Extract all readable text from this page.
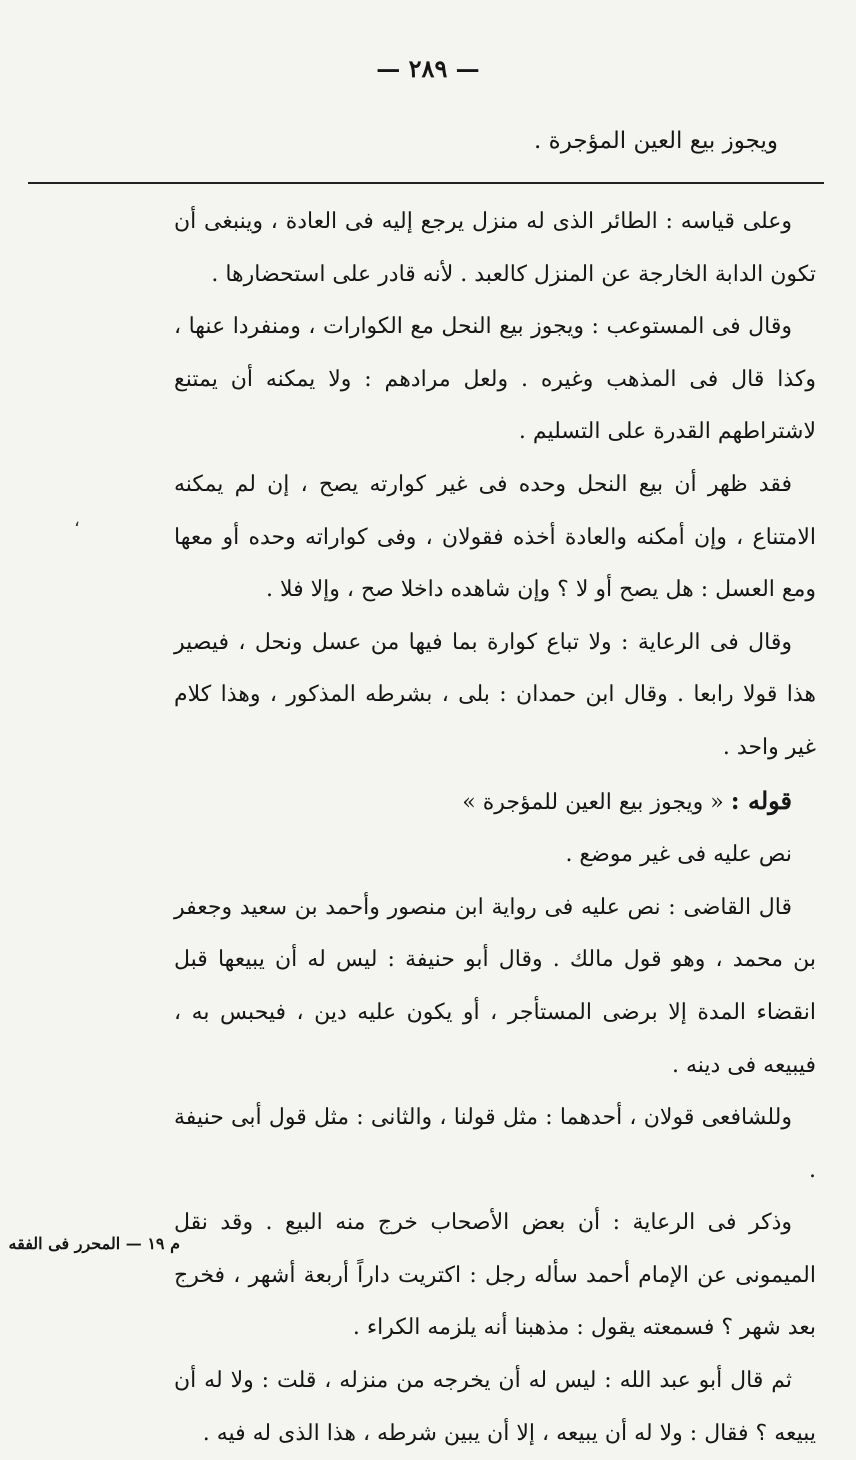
— ٢٨٩ —
ويجوز بيع العين المؤجرة .
،

وعلى قياسه : الطائر الذى له منزل يرجع إليه فى العادة ، وينبغى أن تكون الدابة الخارجة عن المنزل كالعبد . لأنه قادر على استحضارها .

وقال فى المستوعب : ويجوز بيع النحل مع الكوارات ، ومنفردا عنها ، وكذا قال فى المذهب وغيره . ولعل مرادهم : ولا يمكنه أن يمتنع لاشتراطهم القدرة على التسليم .

فقد ظهر أن بيع النحل وحده فى غير كوارته يصح ، إن لم يمكنه الامتناع ، وإن أمكنه والعادة أخذه فقولان ، وفى كواراته وحده أو معها ومع العسل : هل يصح أو لا ؟ وإن شاهده داخلا صح ، وإلا فلا .

وقال فى الرعاية : ولا تباع كوارة بما فيها من عسل ونحل ، فيصير هذا قولا رابعا . وقال ابن حمدان : بلى ، بشرطه المذكور ، وهذا كلام غير واحد .

قوله : « ويجوز بيع العين للمؤجرة »

نص عليه فى غير موضع .

قال القاضى : نص عليه فى رواية ابن منصور وأحمد بن سعيد وجعفر بن محمد ، وهو قول مالك . وقال أبو حنيفة : ليس له أن يبيعها قبل انقضاء المدة إلا برضى المستأجر ، أو يكون عليه دين ، فيحبس به ، فيبيعه فى دينه .

وللشافعى قولان ، أحدهما : مثل قولنا ، والثانى : مثل قول أبى حنيفة .

وذكر فى الرعاية : أن بعض الأصحاب خرج منه البيع . وقد نقل الميمونى عن الإمام أحمد سأله رجل : اكتريت داراً أربعة أشهر ، فخرج بعد شهر ؟ فسمعته يقول : مذهبنا أنه يلزمه الكراء .

ثم قال أبو عبد الله : ليس له أن يخرجه من منزله ، قلت : ولا له أن يبيعه ؟ فقال : ولا له أن يبيعه ، إلا أن يبين شرطه ، هذا الذى له فيه .

م ١٩ — المحرر فى الفقه
